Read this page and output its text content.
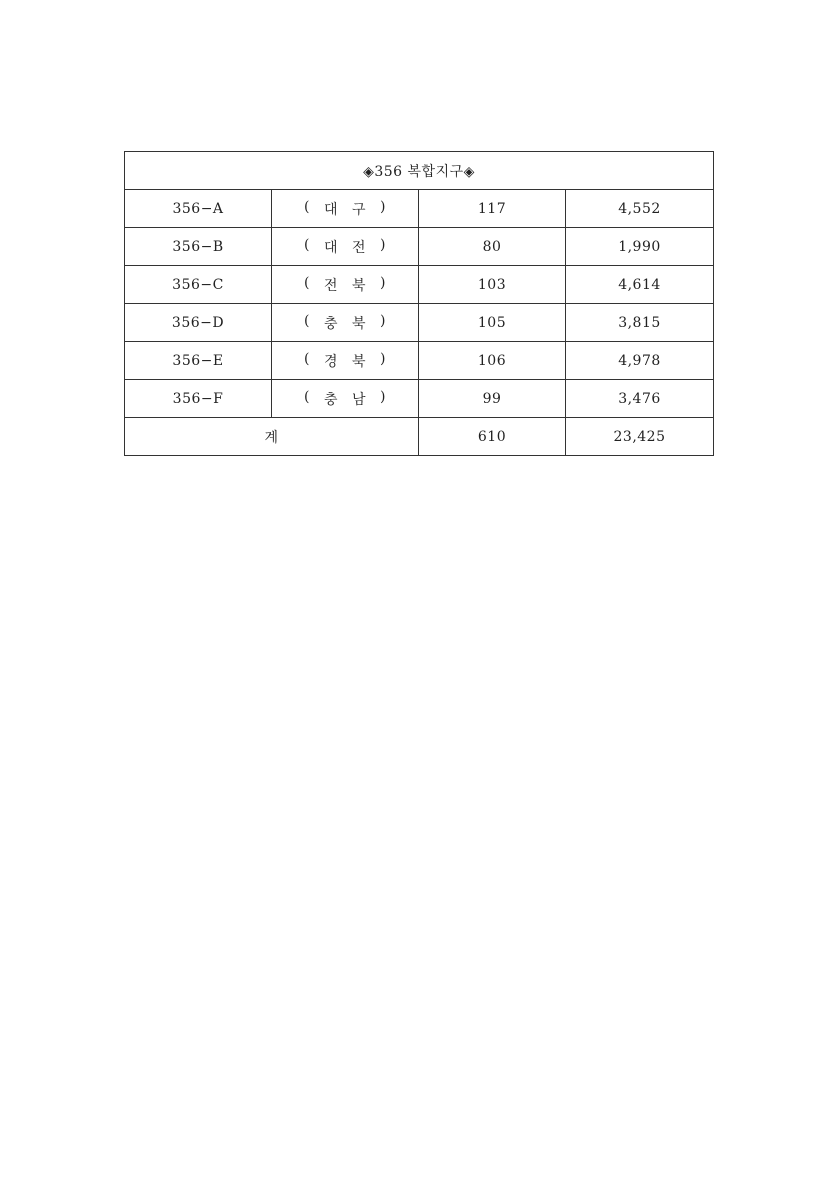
◈356 복합지구◈			
356−A	( 대 구 )	117	4,552
356−B	( 대 전 )	80	1,990
356−C	( 전 북 )	103	4,614
356−D	( 충 북 )	105	3,815
356−E	( 경 북 )	106	4,978
356−F	( 충 남 )	99	3,476
계		610	23,425
